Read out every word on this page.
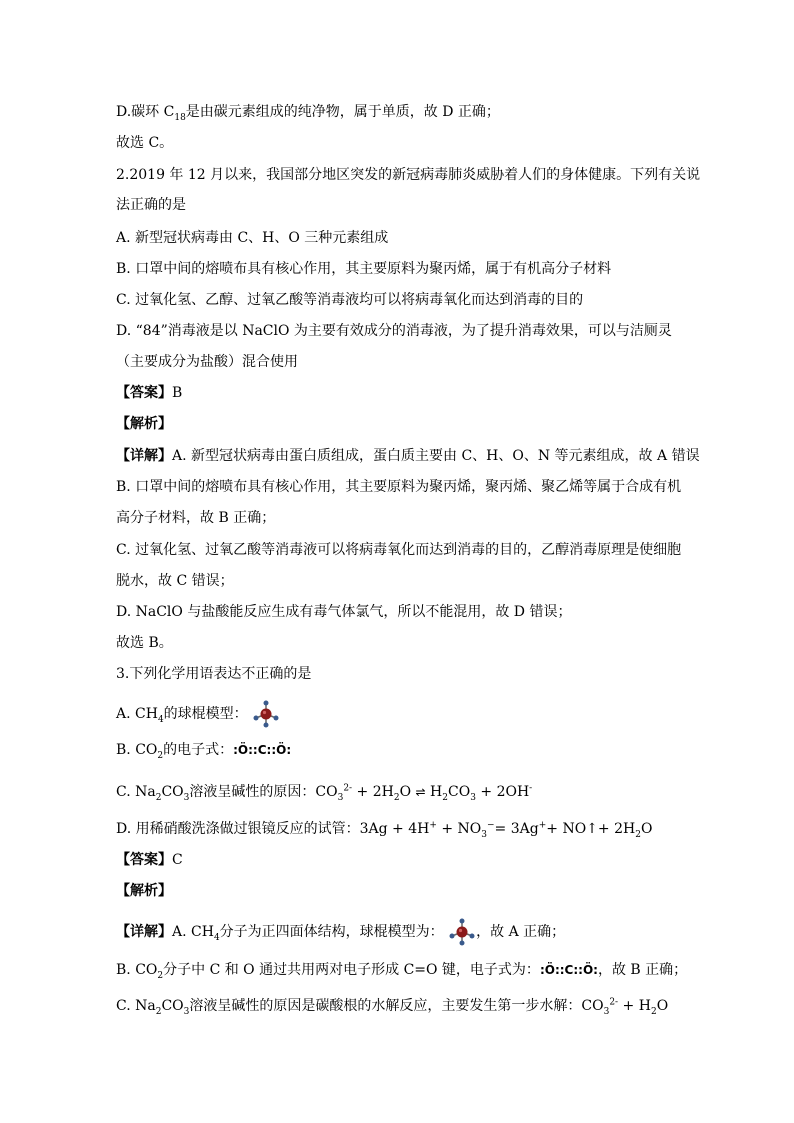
D.碳环 $C_{18}$是由碳元素组成的纯净物，属于单质，故 D 正确；
故选 C。
2.2019 年 12 月以来，我国部分地区突发的新冠病毒肺炎威胁着人们的身体健康。下列有关说
法正确的是
A. 新型冠状病毒由 C、H、O 三种元素组成
B. 口罩中间的熔喷布具有核心作用，其主要原料为聚丙烯，属于有机高分子材料
C. 过氧化氢、乙醇、过氧乙酸等消毒液均可以将病毒氧化而达到消毒的目的
D. “84”消毒液是以 NaClO 为主要有效成分的消毒液，为了提升消毒效果，可以与洁厕灵
（主要成分为盐酸）混合使用
【答案】B
【解析】
【详解】A. 新型冠状病毒由蛋白质组成，蛋白质主要由 C、H、O、N 等元素组成，故 A 错误
B. 口罩中间的熔喷布具有核心作用，其主要原料为聚丙烯，聚丙烯、聚乙烯等属于合成有机
高分子材料，故 B 正确；
C. 过氧化氢、过氧乙酸等消毒液可以将病毒氧化而达到消毒的目的，乙醇消毒原理是使细胞
脱水，故 C 错误；
D. NaClO 与盐酸能反应生成有毒气体氯气，所以不能混用，故 D 错误；
故选 B。
3.下列化学用语表达不正确的是
A. $CH_4$的球棍模型：
B. $CO_2$的电子式：:Ö::C::Ö:
C. $Na_2CO_3$溶液呈碱性的原因：$CO_3^{2-} + 2H_2O$ ⇌ $H_2CO_3 + 2OH^-$
D. 用稀硝酸洗涤做过银镜反应的试管：$3Ag + 4H^+ + NO_3^-= 3Ag^++$ NO↑+ $2H_2O$
【答案】C
【解析】
【详解】A. $CH_4$分子为正四面体结构，球棍模型为： ，故 A 正确；
B. $CO_2$分子中 C 和 O 通过共用两对电子形成 C=O 键，电子式为：:Ö::C::Ö:，故 B 正确；
C. $Na_2CO_3$溶液呈碱性的原因是碳酸根的水解反应，主要发生第一步水解：$CO_3^{2-} + H_2O$
